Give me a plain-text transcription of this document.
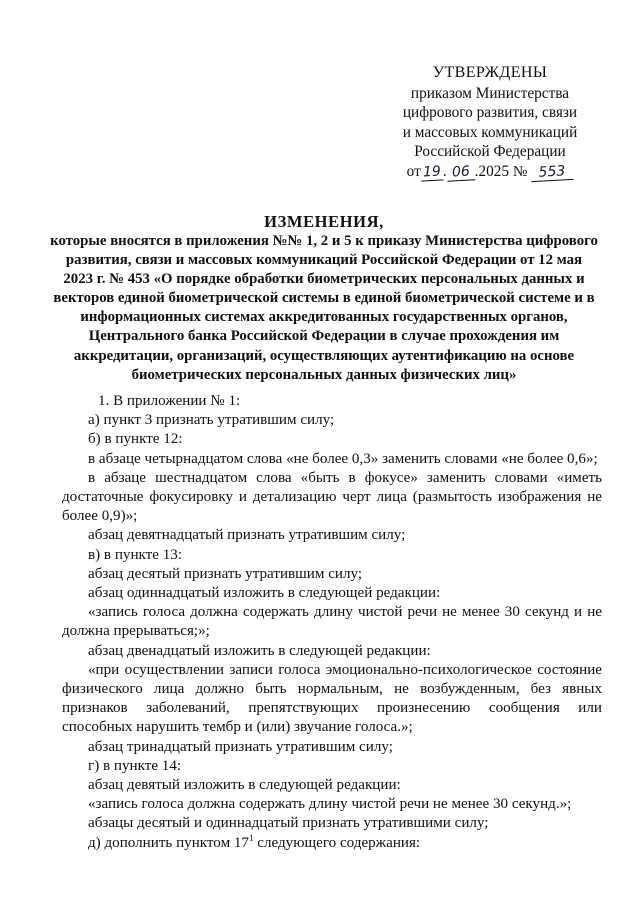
УТВЕРЖДЕНЫ
приказом Министерства
цифрового развития, связи
и массовых коммуникаций
Российской Федерации
от 19 . 06 .2025 № 553
ИЗМЕНЕНИЯ,
которые вносятся в приложения №№ 1, 2 и 5 к приказу Министерства цифрового развития, связи и массовых коммуникаций Российской Федерации от 12 мая 2023 г. № 453 «О порядке обработки биометрических персональных данных и векторов единой биометрической системы в единой биометрической системе и в информационных системах аккредитованных государственных органов, Центрального банка Российской Федерации в случае прохождения им аккредитации, организаций, осуществляющих аутентификацию на основе биометрических персональных данных физических лиц»

1. В приложении № 1:

а) пункт 3 признать утратившим силу;

б) в пункте 12:

в абзаце четырнадцатом слова «не более 0,3» заменить словами «не более 0,6»;

в абзаце шестнадцатом слова «быть в фокусе» заменить словами «иметь достаточные фокусировку и детализацию черт лица (размытость изображения не более 0,9)»;

абзац девятнадцатый признать утратившим силу;

в) в пункте 13:

абзац десятый признать утратившим силу;

абзац одиннадцатый изложить в следующей редакции:

«запись голоса должна содержать длину чистой речи не менее 30 секунд и не должна прерываться;»;

абзац двенадцатый изложить в следующей редакции:

«при осуществлении записи голоса эмоционально-психологическое состояние физического лица должно быть нормальным, не возбужденным, без явных признаков заболеваний, препятствующих произнесению сообщения или способных нарушить тембр и (или) звучание голоса.»;

абзац тринадцатый признать утратившим силу;

г) в пункте 14:

абзац девятый изложить в следующей редакции:

«запись голоса должна содержать длину чистой речи не менее 30 секунд.»;

абзацы десятый и одиннадцатый признать утратившими силу;

д) дополнить пунктом $17^1$ следующего содержания:
